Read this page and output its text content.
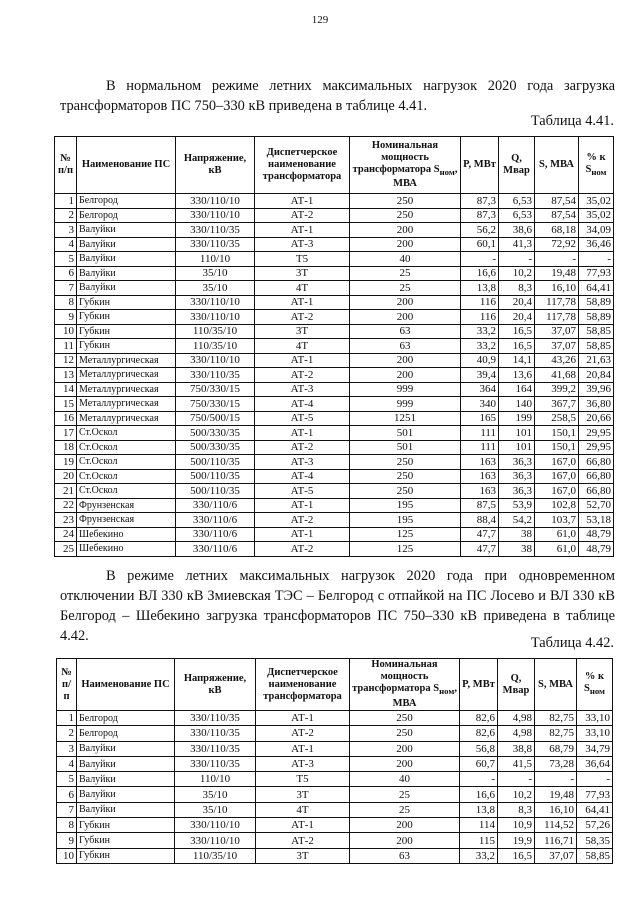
129
В нормальном режиме летних максимальных нагрузок 2020 года загрузка трансформаторов ПС 750–330 кВ приведена в таблице 4.41.
Таблица 4.41.
№ п/п	Наименование ПС	Напряжение, кВ	Диспетчерское наименование трансформатора	Номинальная мощность трансформатора $S_{ном}$, МВА	P, МВт	Q, Мвар	S, МВА	% к $S_{ном}$
1	Белгород	330/110/10	АТ-1	250	87,3	6,53	87,54	35,02
2	Белгород	330/110/10	АТ-2	250	87,3	6,53	87,54	35,02
3	Валуйки	330/110/35	АТ-1	200	56,2	38,6	68,18	34,09
4	Валуйки	330/110/35	АТ-3	200	60,1	41,3	72,92	36,46
5	Валуйки	110/10	Т5	40	-	-	-	-
6	Валуйки	35/10	3Т	25	16,6	10,2	19,48	77,93
7	Валуйки	35/10	4Т	25	13,8	8,3	16,10	64,41
8	Губкин	330/110/10	АТ-1	200	116	20,4	117,78	58,89
9	Губкин	330/110/10	АТ-2	200	116	20,4	117,78	58,89
10	Губкин	110/35/10	3Т	63	33,2	16,5	37,07	58,85
11	Губкин	110/35/10	4Т	63	33,2	16,5	37,07	58,85
12	Металлургическая	330/110/10	АТ-1	200	40,9	14,1	43,26	21,63
13	Металлургическая	330/110/35	АТ-2	200	39,4	13,6	41,68	20,84
14	Металлургическая	750/330/15	АТ-3	999	364	164	399,2	39,96
15	Металлургическая	750/330/15	АТ-4	999	340	140	367,7	36,80
16	Металлургическая	750/500/15	АТ-5	1251	165	199	258,5	20,66
17	Ст.Оскол	500/330/35	АТ-1	501	111	101	150,1	29,95
18	Ст.Оскол	500/330/35	АТ-2	501	111	101	150,1	29,95
19	Ст.Оскол	500/110/35	АТ-3	250	163	36,3	167,0	66,80
20	Ст.Оскол	500/110/35	АТ-4	250	163	36,3	167,0	66,80
21	Ст.Оскол	500/110/35	АТ-5	250	163	36,3	167,0	66,80
22	Фрунзенская	330/110/6	АТ-1	195	87,5	53,9	102,8	52,70
23	Фрунзенская	330/110/6	АТ-2	195	88,4	54,2	103,7	53,18
24	Шебекино	330/110/6	АТ-1	125	47,7	38	61,0	48,79
25	Шебекино	330/110/6	АТ-2	125	47,7	38	61,0	48,79
В режиме летних максимальных нагрузок 2020 года при одновременном отключении ВЛ 330 кВ Змиевская ТЭС – Белгород с отпайкой на ПС Лосево и ВЛ 330 кВ Белгород – Шебекино загрузка трансформаторов ПС 750–330 кВ приведена в таблице 4.42.	Таблица 4.42.
№ п/п	Наименование ПС	Напряжение, кВ	Диспетчерское наименование трансформатора	Номинальная мощность трансформатора $S_{ном}$, МВА	P, МВт	Q, Мвар	S, МВА	% к $S_{ном}$
1	Белгород	330/110/35	АТ-1	250	82,6	4,98	82,75	33,10
2	Белгород	330/110/35	АТ-2	250	82,6	4,98	82,75	33,10
3	Валуйки	330/110/35	АТ-1	200	56,8	38,8	68,79	34,79
4	Валуйки	330/110/35	АТ-3	200	60,7	41,5	73,28	36,64
5	Валуйки	110/10	Т5	40	-	-	-	-
6	Валуйки	35/10	3Т	25	16,6	10,2	19,48	77,93
7	Валуйки	35/10	4Т	25	13,8	8,3	16,10	64,41
8	Губкин	330/110/10	АТ-1	200	114	10,9	114,52	57,26
9	Губкин	330/110/10	АТ-2	200	115	19,9	116,71	58,35
10	Губкин	110/35/10	3Т	63	33,2	16,5	37,07	58,85
